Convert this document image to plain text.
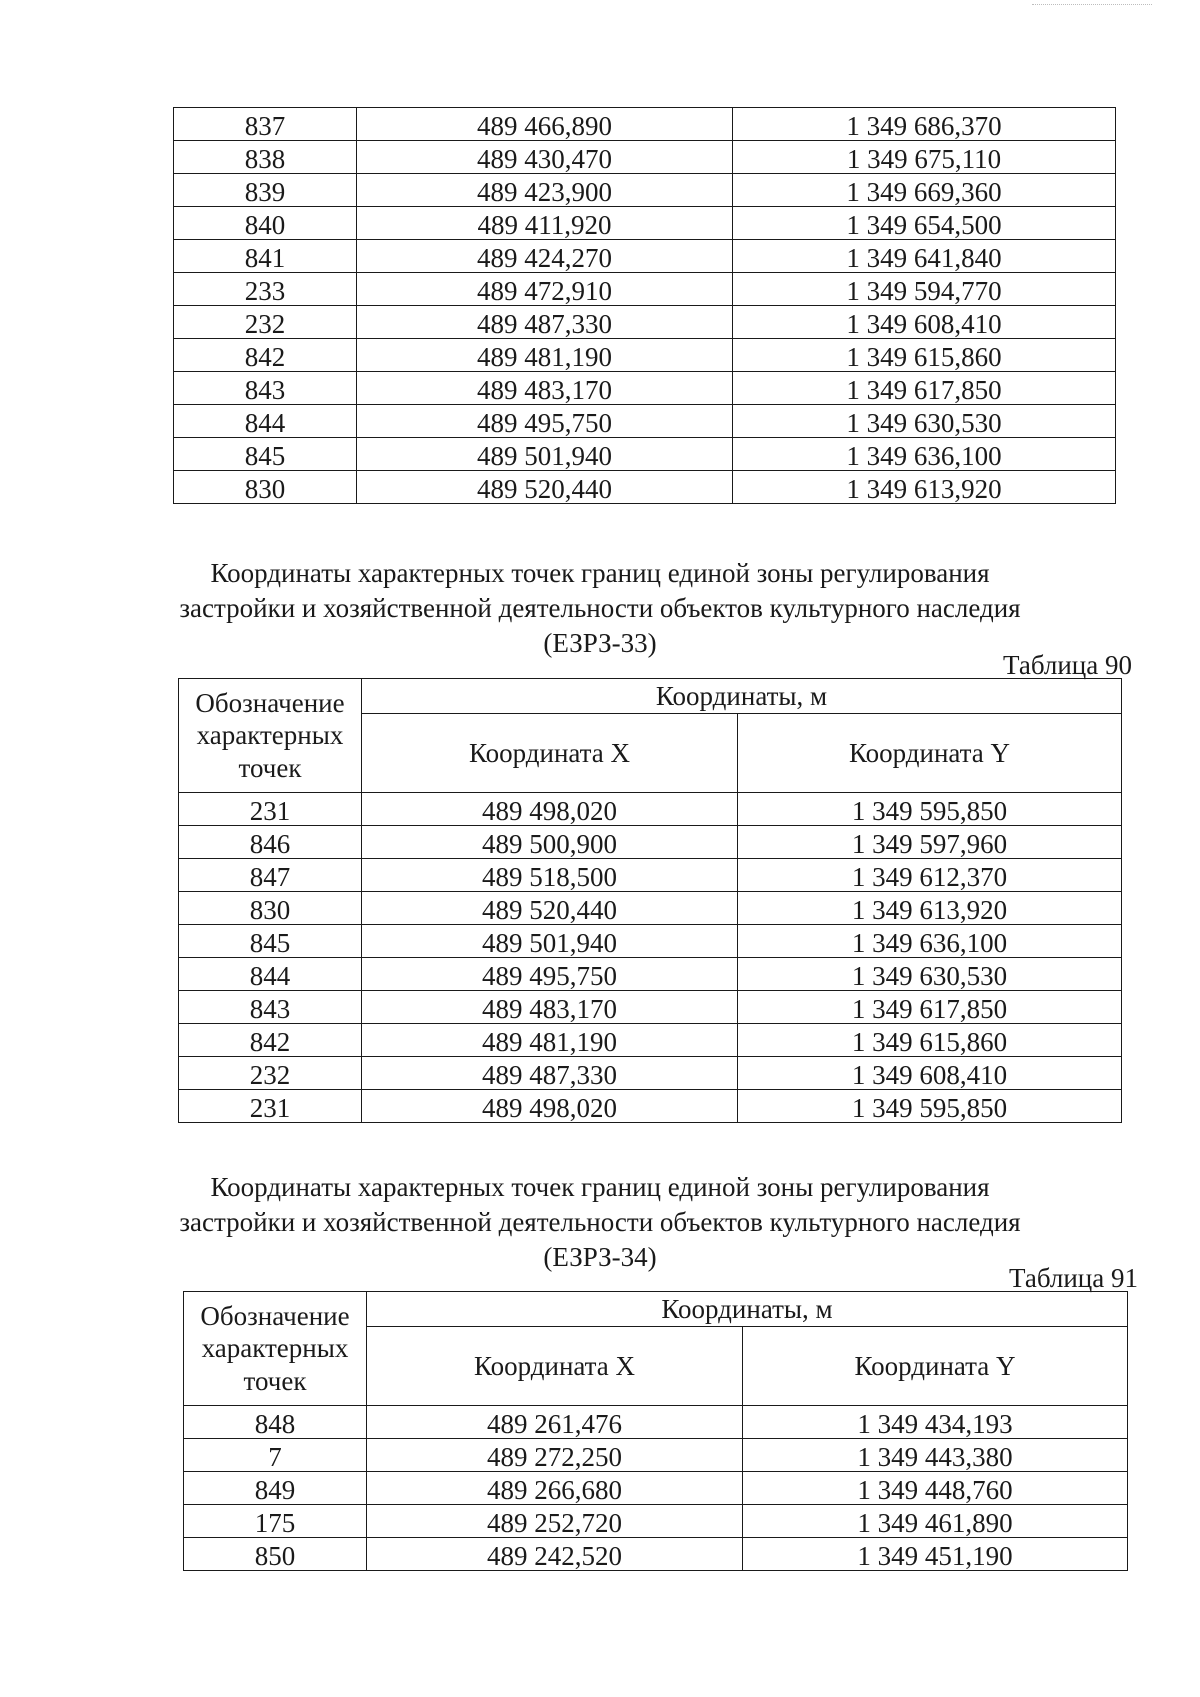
837	489 466,890	1 349 686,370
838	489 430,470	1 349 675,110
839	489 423,900	1 349 669,360
840	489 411,920	1 349 654,500
841	489 424,270	1 349 641,840
233	489 472,910	1 349 594,770
232	489 487,330	1 349 608,410
842	489 481,190	1 349 615,860
843	489 483,170	1 349 617,850
844	489 495,750	1 349 630,530
845	489 501,940	1 349 636,100
830	489 520,440	1 349 613,920
Координаты характерных точек границ единой зоны регулирования
застройки и хозяйственной деятельности объектов культурного наследия
(ЕЗРЗ-33)
Таблица 90
Обозначение
характерных
точек	Координаты, м	
	Координата X	Координата Y
231	489 498,020	1 349 595,850
846	489 500,900	1 349 597,960
847	489 518,500	1 349 612,370
830	489 520,440	1 349 613,920
845	489 501,940	1 349 636,100
844	489 495,750	1 349 630,530
843	489 483,170	1 349 617,850
842	489 481,190	1 349 615,860
232	489 487,330	1 349 608,410
231	489 498,020	1 349 595,850
Координаты характерных точек границ единой зоны регулирования
застройки и хозяйственной деятельности объектов культурного наследия
(ЕЗРЗ-34)
Таблица 91
Обозначение
характерных
точек	Координаты, м	
	Координата X	Координата Y
848	489 261,476	1 349 434,193
7	489 272,250	1 349 443,380
849	489 266,680	1 349 448,760
175	489 252,720	1 349 461,890
850	489 242,520	1 349 451,190
